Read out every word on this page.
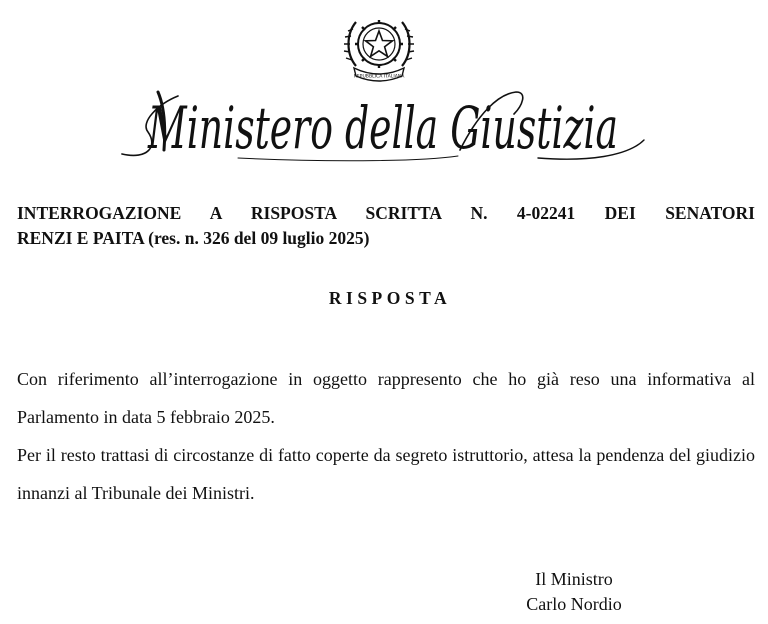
REPUBBLICA ITALIANA
Ministero della Giustizia
INTERROGAZIONE A RISPOSTA SCRITTA N. 4-02241 DEI SENATORI
RENZI E PAITA (res. n. 326 del 09 luglio 2025)
RISPOSTA

Con riferimento all’interrogazione in oggetto rappresento che ho già reso una informativa al Parlamento in data 5 febbraio 2025.

Per il resto trattasi di circostanze di fatto coperte da segreto istruttorio, attesa la pendenza del giudizio innanzi al Tribunale dei Ministri.

Il Ministro
Carlo Nordio
